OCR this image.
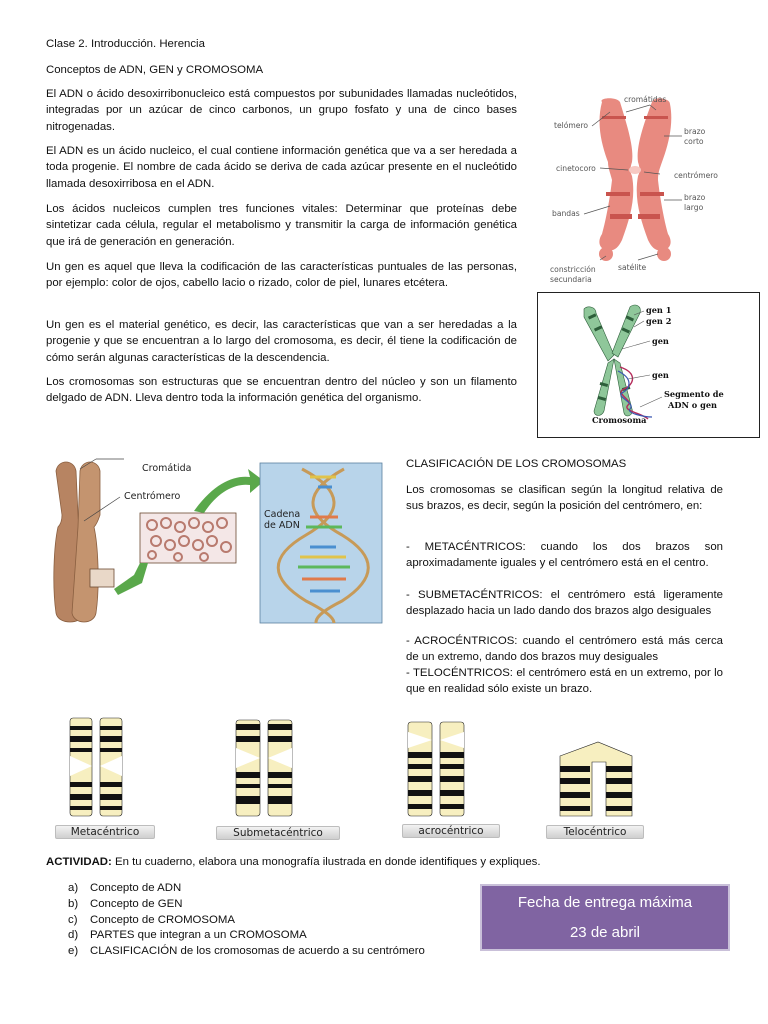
Clase 2. Introducción. Herencia
Conceptos de ADN, GEN y CROMOSOMA

El ADN o ácido desoxirribonucleico está compuestos por subunidades llamadas nucleótidos, integradas por un azúcar de cinco carbonos, un grupo fosfato y una de cinco bases nitrogenadas.

El ADN es un ácido nucleico, el cual contiene información genética que va a ser heredada a toda progenie. El nombre de cada ácido se deriva de cada azúcar presente en el nucleótido llamada desoxirribosa en el ADN.

Los ácidos nucleicos cumplen tres funciones vitales: Determinar que proteínas debe sintetizar cada célula, regular el metabolismo y transmitir la carga de información genética que irá de generación en generación.

Un gen es aquel que lleva la codificación de las características puntuales de las personas, por ejemplo: color de ojos, cabello lacio o rizado, color de piel, lunares etcétera.

Un gen es el material genético, es decir, las características que van a ser heredadas a la progenie y que se encuentran a lo largo del cromosoma, es decir, él tiene la codificación de cómo serán algunas características de la descendencia.

Los cromosomas son estructuras que se encuentran dentro del núcleo y son un filamento delgado de ADN. Lleva dentro toda la información genética del organismo.

cromátidas
telómero
brazo
corto
cinetocoro
centrómero
brazo
largo
bandas
satélite
constricción
secundaria
gen 1
gen 2
gen
gen
Segmento de
ADN o gen
Cromosoma
Cromátida
Centrómero
Cadena
de ADN
CLASIFICACIÓN DE LOS CROMOSOMAS

Los cromosomas se clasifican según la longitud relativa de sus brazos, es decir, según la posición del centrómero, en:

- METACÉNTRICOS: cuando los dos brazos son aproximadamente iguales y el centrómero está en el centro.

- SUBMETACÉNTRICOS: el centrómero está ligeramente desplazado hacia un lado dando dos brazos algo desiguales

- ACROCÉNTRICOS: cuando el centrómero está más cerca de un extremo, dando dos brazos muy desiguales

- TELOCÉNTRICOS: el centrómero está en un extremo, por lo que en realidad sólo existe un brazo.

Metacéntrico	Submetacéntrico	acrocéntrico	Telocéntrico
ACTIVIDAD: En tu cuaderno, elabora una monografía ilustrada en donde identifiques y expliques.
a) Concepto de ADN
b) Concepto de GEN
c) Concepto de CROMOSOMA
d) PARTES que integran a un CROMOSOMA
e) CLASIFICACIÓN de los cromosomas de acuerdo a su centrómero
Fecha de entrega máxima
23 de abril
